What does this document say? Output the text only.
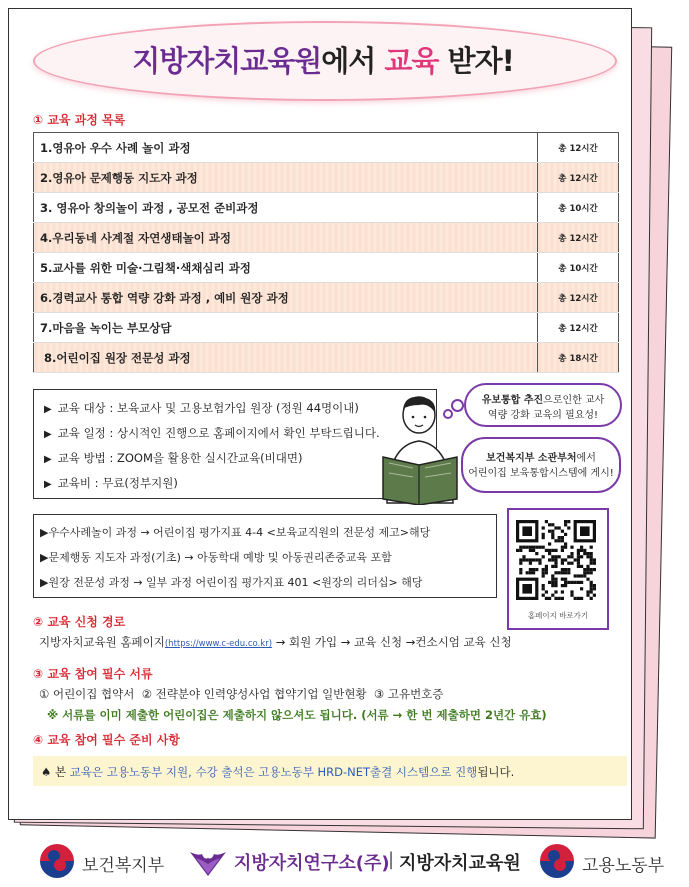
지방자치교육원 에서 교육 받자!
① 교육 과정 목록
1.영유아 우수 사례 놀이 과정	총 12시간
2.영유아 문제행동 지도자 과정	총 12시간
3. 영유아 창의놀이 과정 , 공모전 준비과정	총 10시간
4.우리동네 사계절 자연생태놀이 과정	총 12시간
5.교사를 위한 미술·그림책·색채심리 과정	총 10시간
6.경력교사 통합 역량 강화 과정 , 예비 원장 과정	총 12시간
7.마음을 녹이는 부모상담	총 12시간
8.어린이집 원장 전문성 과정	총 18시간
▶ 교육 대상 : 보육교사 및 고용보험가입 원장 (정원 44명이내)
▶ 교육 일정 : 상시적인 진행으로 홈페이지에서 확인 부탁드립니다.
▶ 교육 방법 : ZOOM을 활용한 실시간교육(비대면)
▶ 교육비 : 무료(정부지원)
유보통합 추진으로인한 교사
역량 강화 교육의 필요성!
보건복지부 소관부처에서
어린이집 보육통합시스템에 게시!
▶우수사례놀이 과정 → 어린이집 평가지표 4-4 <보육교직원의 전문성 제고>해당
▶문제행동 지도자 과정(기초) → 아동학대 예방 및 아동권리존중교육 포함
▶원장 전문성 과정 → 일부 과정 어린이집 평가지표 401 <원장의 리더십> 해당
홈페이지 바로가기
② 교육 신청 경로
지방자치교육원 홈페이지(https://www.c-edu.co.kr) → 회원 가입 → 교육 신청 →컨소시엄 교육 신청
③ 교육 참여 필수 서류
① 어린이집 협약서  ② 전략분야 인력양성사업 협약기업 일반현황  ③ 고유번호증
※ 서류를 이미 제출한 어린이집은 제출하지 않으셔도 됩니다. (서류 → 한 번 제출하면 2년간 유효)
④ 교육 참여 필수 준비 사항
♠ 본 교육은 고용노동부 지원, 수강 출석은 고용노동부 HRD-NET출결 시스템으로 진행됩니다.
보건복지부	지방자치연구소(주)
| 지방자치교육원	고용노동부
